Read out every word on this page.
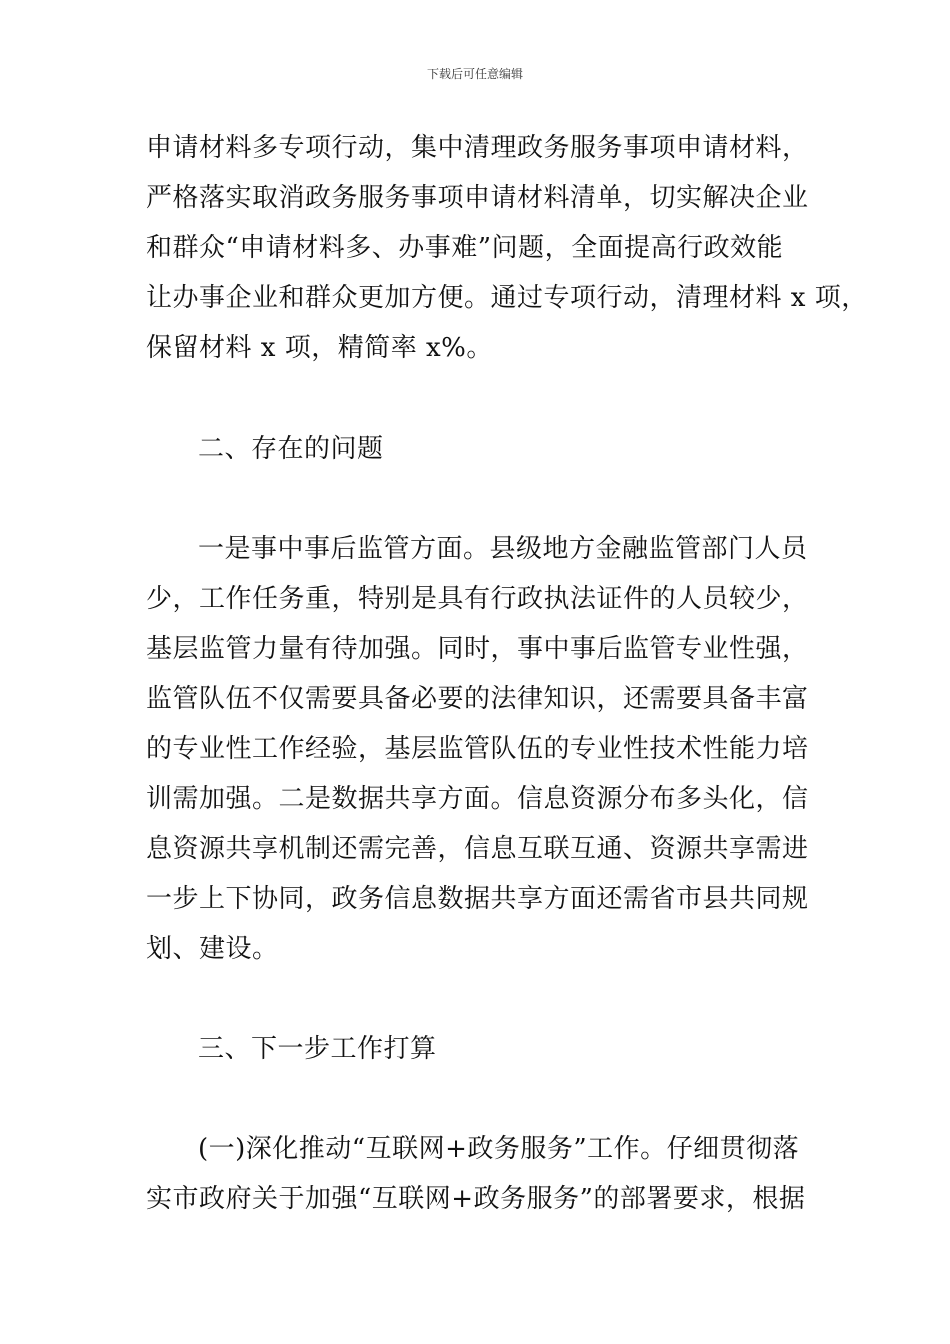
下载后可任意编辑
申请材料多专项行动，集中清理政务服务事项申请材料，
严格落实取消政务服务事项申请材料清单，切实解决企业
和群众“申请材料多、办事难”问题，全面提高行政效能
让办事企业和群众更加方便。通过专项行动，清理材料 x 项，
保留材料 x 项，精简率 x%。
二、存在的问题
一是事中事后监管方面。县级地方金融监管部门人员
少，工作任务重，特别是具有行政执法证件的人员较少，
基层监管力量有待加强。同时，事中事后监管专业性强，
监管队伍不仅需要具备必要的法律知识，还需要具备丰富
的专业性工作经验，基层监管队伍的专业性技术性能力培
训需加强。二是数据共享方面。信息资源分布多头化，信
息资源共享机制还需完善，信息互联互通、资源共享需进
一步上下协同，政务信息数据共享方面还需省市县共同规
划、建设。
三、下一步工作打算
(一)深化推动“互联网+政务服务”工作。仔细贯彻落
实市政府关于加强“互联网+政务服务”的部署要求，根据
